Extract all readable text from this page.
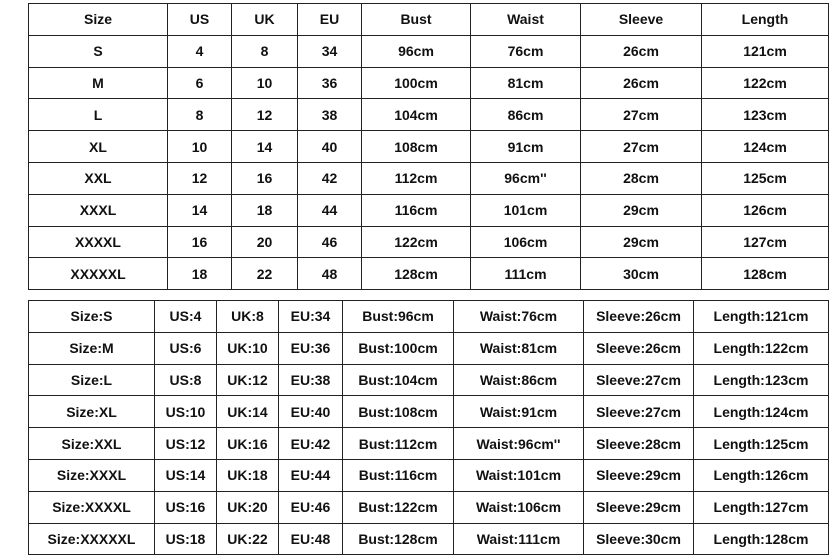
Size	US	UK	EU	Bust	Waist	Sleeve	Length
S	4	8	34	96cm	76cm	26cm	121cm
M	6	10	36	100cm	81cm	26cm	122cm
L	8	12	38	104cm	86cm	27cm	123cm
XL	10	14	40	108cm	91cm	27cm	124cm
XXL	12	16	42	112cm	96cm''	28cm	125cm
XXXL	14	18	44	116cm	101cm	29cm	126cm
XXXXL	16	20	46	122cm	106cm	29cm	127cm
XXXXXL	18	22	48	128cm	111cm	30cm	128cm
Size:S	US:4	UK:8	EU:34	Bust:96cm	Waist:76cm	Sleeve:26cm	Length:121cm
Size:M	US:6	UK:10	EU:36	Bust:100cm	Waist:81cm	Sleeve:26cm	Length:122cm
Size:L	US:8	UK:12	EU:38	Bust:104cm	Waist:86cm	Sleeve:27cm	Length:123cm
Size:XL	US:10	UK:14	EU:40	Bust:108cm	Waist:91cm	Sleeve:27cm	Length:124cm
Size:XXL	US:12	UK:16	EU:42	Bust:112cm	Waist:96cm''	Sleeve:28cm	Length:125cm
Size:XXXL	US:14	UK:18	EU:44	Bust:116cm	Waist:101cm	Sleeve:29cm	Length:126cm
Size:XXXXL	US:16	UK:20	EU:46	Bust:122cm	Waist:106cm	Sleeve:29cm	Length:127cm
Size:XXXXXL	US:18	UK:22	EU:48	Bust:128cm	Waist:111cm	Sleeve:30cm	Length:128cm
